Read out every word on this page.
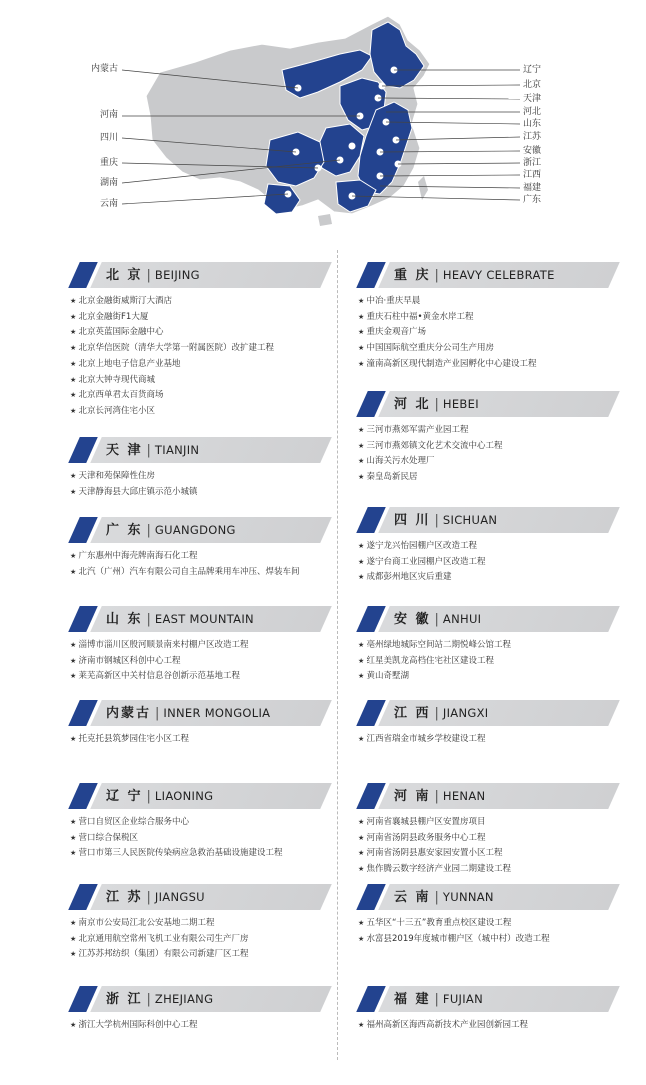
内蒙古
河南
四川
重庆
湖南
云南
辽宁
北京
天津
河北
山东
江苏
安徽
浙江
江西
福建
广东
北 京 | BEIJING
★ 北京金融街威斯汀大酒店
★ 北京金融街F1大厦
★ 北京英蓝国际金融中心
★ 北京华信医院（清华大学第一附属医院）改扩建工程
★ 北京上地电子信息产业基地
★ 北京大钟寺现代商城
★ 北京西单君太百货商场
★ 北京长河湾住宅小区
天 津 | TIANJIN
★ 天津和苑保障性住房
★ 天津静海县大邱庄镇示范小城镇
广 东 | GUANGDONG
★ 广东惠州中海壳牌南海石化工程
★ 北汽（广州）汽车有限公司自主品牌乘用车冲压、焊装车间
山 东 | EAST MOUNTAIN
★ 淄博市淄川区殷河顺景南来村棚户区改造工程
★ 济南市钢城区科创中心工程
★ 莱芜高新区中关村信息谷创新示范基地工程
内蒙古 | INNER MONGOLIA
★ 托克托县筑梦园住宅小区工程
辽 宁 | LIAONING
★ 营口自贸区企业综合服务中心
★ 营口综合保税区
★ 营口市第三人民医院传染病应急救治基础设施建设工程
江 苏 | JIANGSU
★ 南京市公安局江北公安基地二期工程
★ 北京通用航空常州飞机工业有限公司生产厂房
★ 江苏苏邦纺织（集团）有限公司新建厂区工程
浙 江 | ZHEJIANG
★ 浙江大学杭州国际科创中心工程
重 庆 | HEAVY CELEBRATE
★ 中冶·重庆早晨
★ 重庆石柱中福•黄金水岸工程
★ 重庆金观音广场
★ 中国国际航空重庆分公司生产用房
★ 潼南高新区现代制造产业园孵化中心建设工程
河 北 | HEBEI
★ 三河市燕郊军需产业园工程
★ 三河市燕郊镇文化艺术交流中心工程
★ 山海关污水处理厂
★ 秦皇岛新民居
四 川 | SICHUAN
★ 遂宁龙兴怡园棚户区改造工程
★ 遂宁台商工业园棚户区改造工程
★ 成都彭州地区灾后重建
安 徽 | ANHUI
★ 亳州绿地城际空间站二期悦峰公馆工程
★ 红星美凯龙高档住宅社区建设工程
★ 黄山奇墅湖
江 西 | JIANGXI
★ 江西省瑞金市城乡学校建设工程
河 南 | HENAN
★ 河南省襄城县棚户区安置房项目
★ 河南省汤阴县政务服务中心工程
★ 河南省汤阴县惠安家园安置小区工程
★ 焦作腾云数字经济产业园二期建设工程
云 南 | YUNNAN
★ 五华区“十三五”教育重点校区建设工程
★ 水富县2019年度城市棚户区（城中村）改造工程
福 建 | FUJIAN
★ 福州高新区海西高新技术产业园创新园工程
